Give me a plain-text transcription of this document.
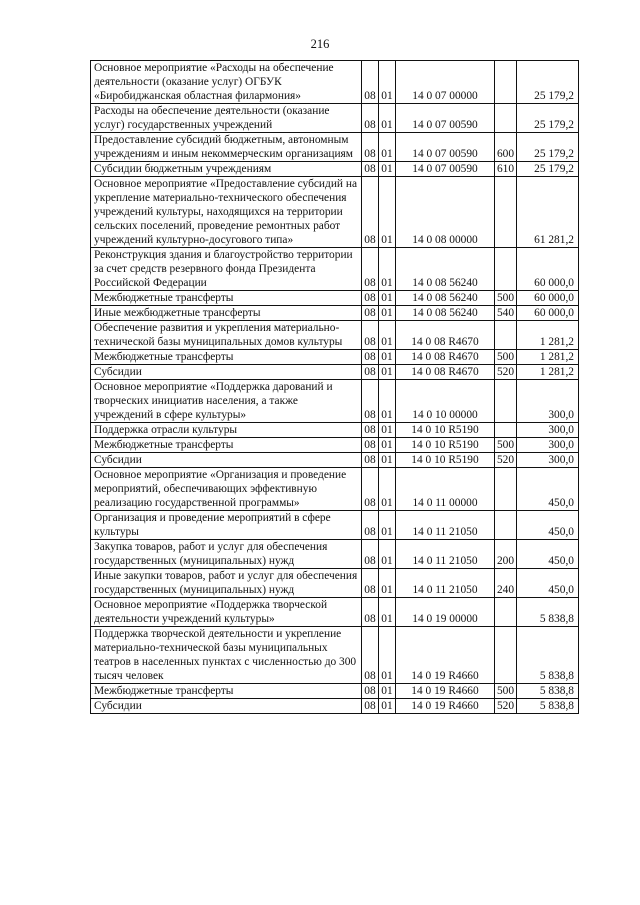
216
Основное мероприятие «Расходы на обеспечение деятельности (оказание услуг) ОГБУК «Биробиджанская областная филармония»	08	01	14 0 07 00000		25 179,2
Расходы на обеспечение деятельности (оказание услуг) государственных учреждений	08	01	14 0 07 00590		25 179,2
Предоставление субсидий бюджетным, автономным учреждениям и иным некоммерческим организациям	08	01	14 0 07 00590	600	25 179,2
Субсидии бюджетным учреждениям	08	01	14 0 07 00590	610	25 179,2
Основное мероприятие «Предоставление субсидий на укрепление материально-технического обеспечения учреждений культуры, находящихся на территории сельских поселений, проведение ремонтных работ учреждений культурно-досугового типа»	08	01	14 0 08 00000		61 281,2
Реконструкция здания и благоустройство территории за счет средств резервного фонда Президента Российской Федерации	08	01	14 0 08 56240		60 000,0
Межбюджетные трансферты	08	01	14 0 08 56240	500	60 000,0
Иные межбюджетные трансферты	08	01	14 0 08 56240	540	60 000,0
Обеспечение развития и укрепления материально-технической базы муниципальных домов культуры	08	01	14 0 08 R4670		1 281,2
Межбюджетные трансферты	08	01	14 0 08 R4670	500	1 281,2
Субсидии	08	01	14 0 08 R4670	520	1 281,2
Основное мероприятие «Поддержка дарований и творческих инициатив населения, а также учреждений в сфере культуры»	08	01	14 0 10 00000		300,0
Поддержка отрасли культуры	08	01	14 0 10 R5190		300,0
Межбюджетные трансферты	08	01	14 0 10 R5190	500	300,0
Субсидии	08	01	14 0 10 R5190	520	300,0
Основное мероприятие «Организация и проведение мероприятий, обеспечивающих эффективную реализацию государственной программы»	08	01	14 0 11 00000		450,0
Организация и проведение мероприятий в сфере культуры	08	01	14 0 11 21050		450,0
Закупка товаров, работ и услуг для обеспечения государственных (муниципальных) нужд	08	01	14 0 11 21050	200	450,0
Иные закупки товаров, работ и услуг для обеспечения государственных (муниципальных) нужд	08	01	14 0 11 21050	240	450,0
Основное мероприятие «Поддержка творческой деятельности учреждений культуры»	08	01	14 0 19 00000		5 838,8
Поддержка творческой деятельности и укрепление материально-технической базы муниципальных театров в населенных пунктах с численностью до 300 тысяч человек	08	01	14 0 19 R4660		5 838,8
Межбюджетные трансферты	08	01	14 0 19 R4660	500	5 838,8
Субсидии	08	01	14 0 19 R4660	520	5 838,8
